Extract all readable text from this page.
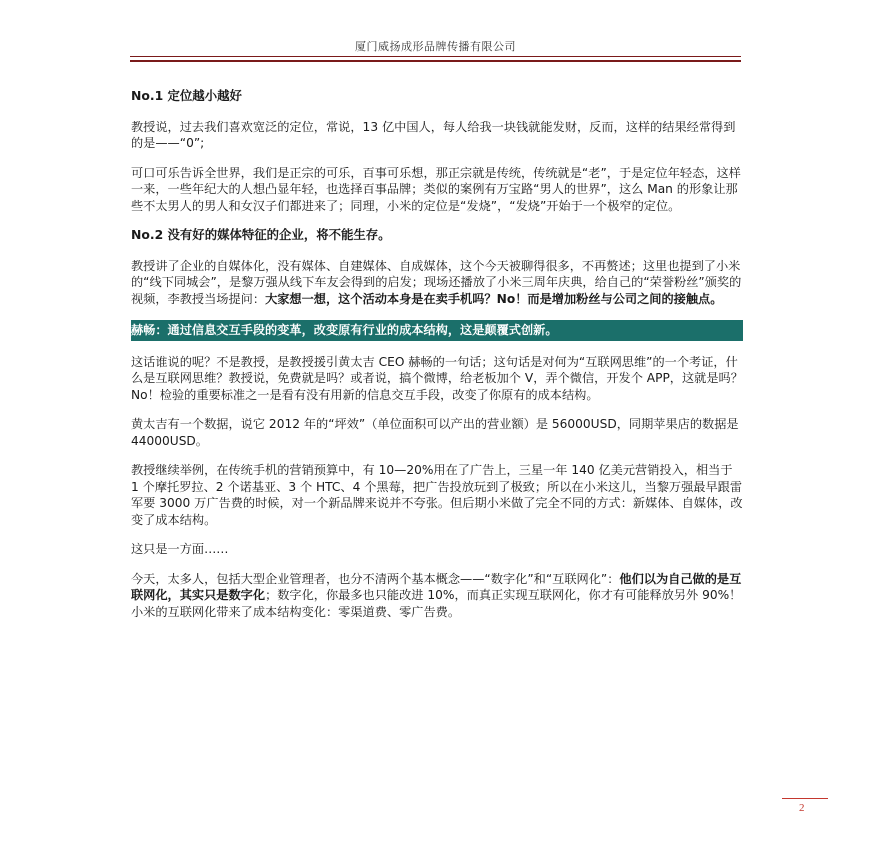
厦门威扬成形品牌传播有限公司

No.1 定位越小越好

教授说，过去我们喜欢宽泛的定位，常说，13 亿中国人，每人给我一块钱就能发财，反而，这样的结果经常得到的是——“0”;

可口可乐告诉全世界，我们是正宗的可乐，百事可乐想，那正宗就是传统，传统就是“老”，于是定位年轻态，这样一来，一些年纪大的人想凸显年轻，也选择百事品牌；类似的案例有万宝路“男人的世界”，这么 Man 的形象让那些不太男人的男人和女汉子们都进来了；同理，小米的定位是“发烧”，“发烧”开始于一个极窄的定位。

No.2 没有好的媒体特征的企业，将不能生存。

教授讲了企业的自媒体化，没有媒体、自建媒体、自成媒体，这个今天被聊得很多，不再赘述；这里也提到了小米的“线下同城会”，是黎万强从线下车友会得到的启发；现场还播放了小米三周年庆典，给自己的“荣誉粉丝”颁奖的视频，李教授当场提问：大家想一想，这个活动本身是在卖手机吗？No！而是增加粉丝与公司之间的接触点。

赫畅：通过信息交互手段的变革，改变原有行业的成本结构，这是颠覆式创新。

这话谁说的呢？不是教授，是教授援引黄太吉 CEO 赫畅的一句话；这句话是对何为“互联网思维”的一个考证，什么是互联网思维？教授说，免费就是吗？或者说，搞个微博，给老板加个 V，弄个微信，开发个 APP，这就是吗？No！检验的重要标准之一是看有没有用新的信息交互手段，改变了你原有的成本结构。

黄太吉有一个数据，说它 2012 年的“坪效”（单位面积可以产出的营业额）是 56000USD，同期苹果店的数据是 44000USD。

教授继续举例，在传统手机的营销预算中，有 10—20%用在了广告上，三星一年 140 亿美元营销投入，相当于 1 个摩托罗拉、2 个诺基亚、3 个 HTC、4 个黑莓，把广告投放玩到了极致；所以在小米这儿，当黎万强最早跟雷军要 3000 万广告费的时候，对一个新品牌来说并不夸张。但后期小米做了完全不同的方式：新媒体、自媒体，改变了成本结构。

这只是一方面……

今天，太多人，包括大型企业管理者，也分不清两个基本概念——“数字化”和“互联网化”：他们以为自己做的是互联网化，其实只是数字化；数字化，你最多也只能改进 10%，而真正实现互联网化，你才有可能释放另外 90%！

小米的互联网化带来了成本结构变化：零渠道费、零广告费。

2
